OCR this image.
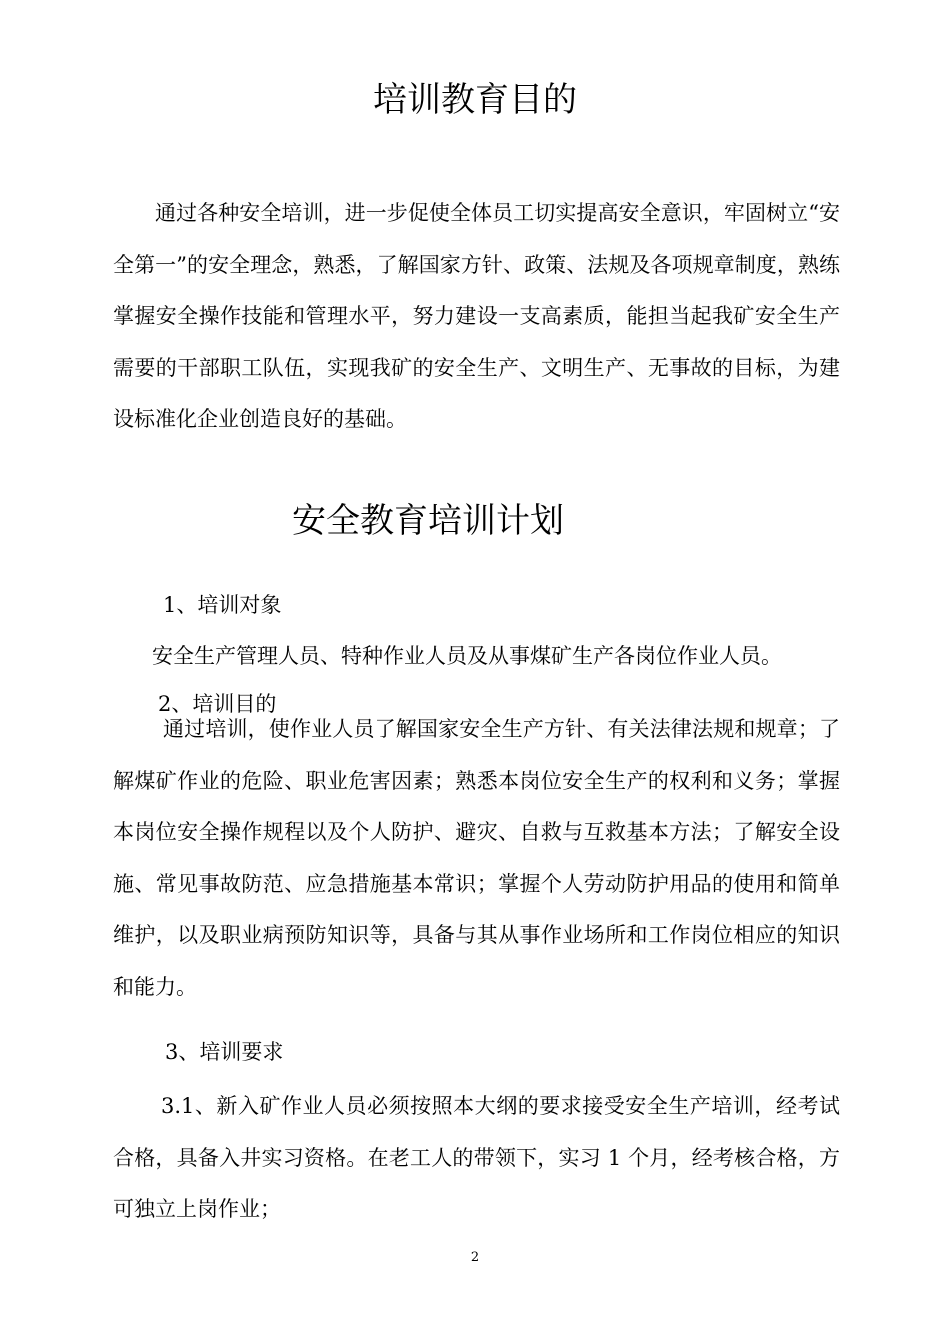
培训教育目的

通过各种安全培训，进一步促使全体员工切实提高安全意识，牢固树立“安全第一”的安全理念，熟悉，了解国家方针、政策、法规及各项规章制度，熟练掌握安全操作技能和管理水平，努力建设一支高素质，能担当起我矿安全生产需要的干部职工队伍，实现我矿的安全生产、文明生产、无事故的目标，为建设标准化企业创造良好的基础。

安全教育培训计划
1、培训对象

安全生产管理人员、特种作业人员及从事煤矿生产各岗位作业人员。

2、培训目的

通过培训，使作业人员了解国家安全生产方针、有关法律法规和规章；了解煤矿作业的危险、职业危害因素；熟悉本岗位安全生产的权利和义务；掌握本岗位安全操作规程以及个人防护、避灾、自救与互救基本方法；了解安全设施、常见事故防范、应急措施基本常识；掌握个人劳动防护用品的使用和简单维护，以及职业病预防知识等，具备与其从事作业场所和工作岗位相应的知识和能力。

3、培训要求

3.1、新入矿作业人员必须按照本大纲的要求接受安全生产培训，经考试合格，具备入井实习资格。在老工人的带领下，实习 1 个月，经考核合格，方可独立上岗作业；

2
